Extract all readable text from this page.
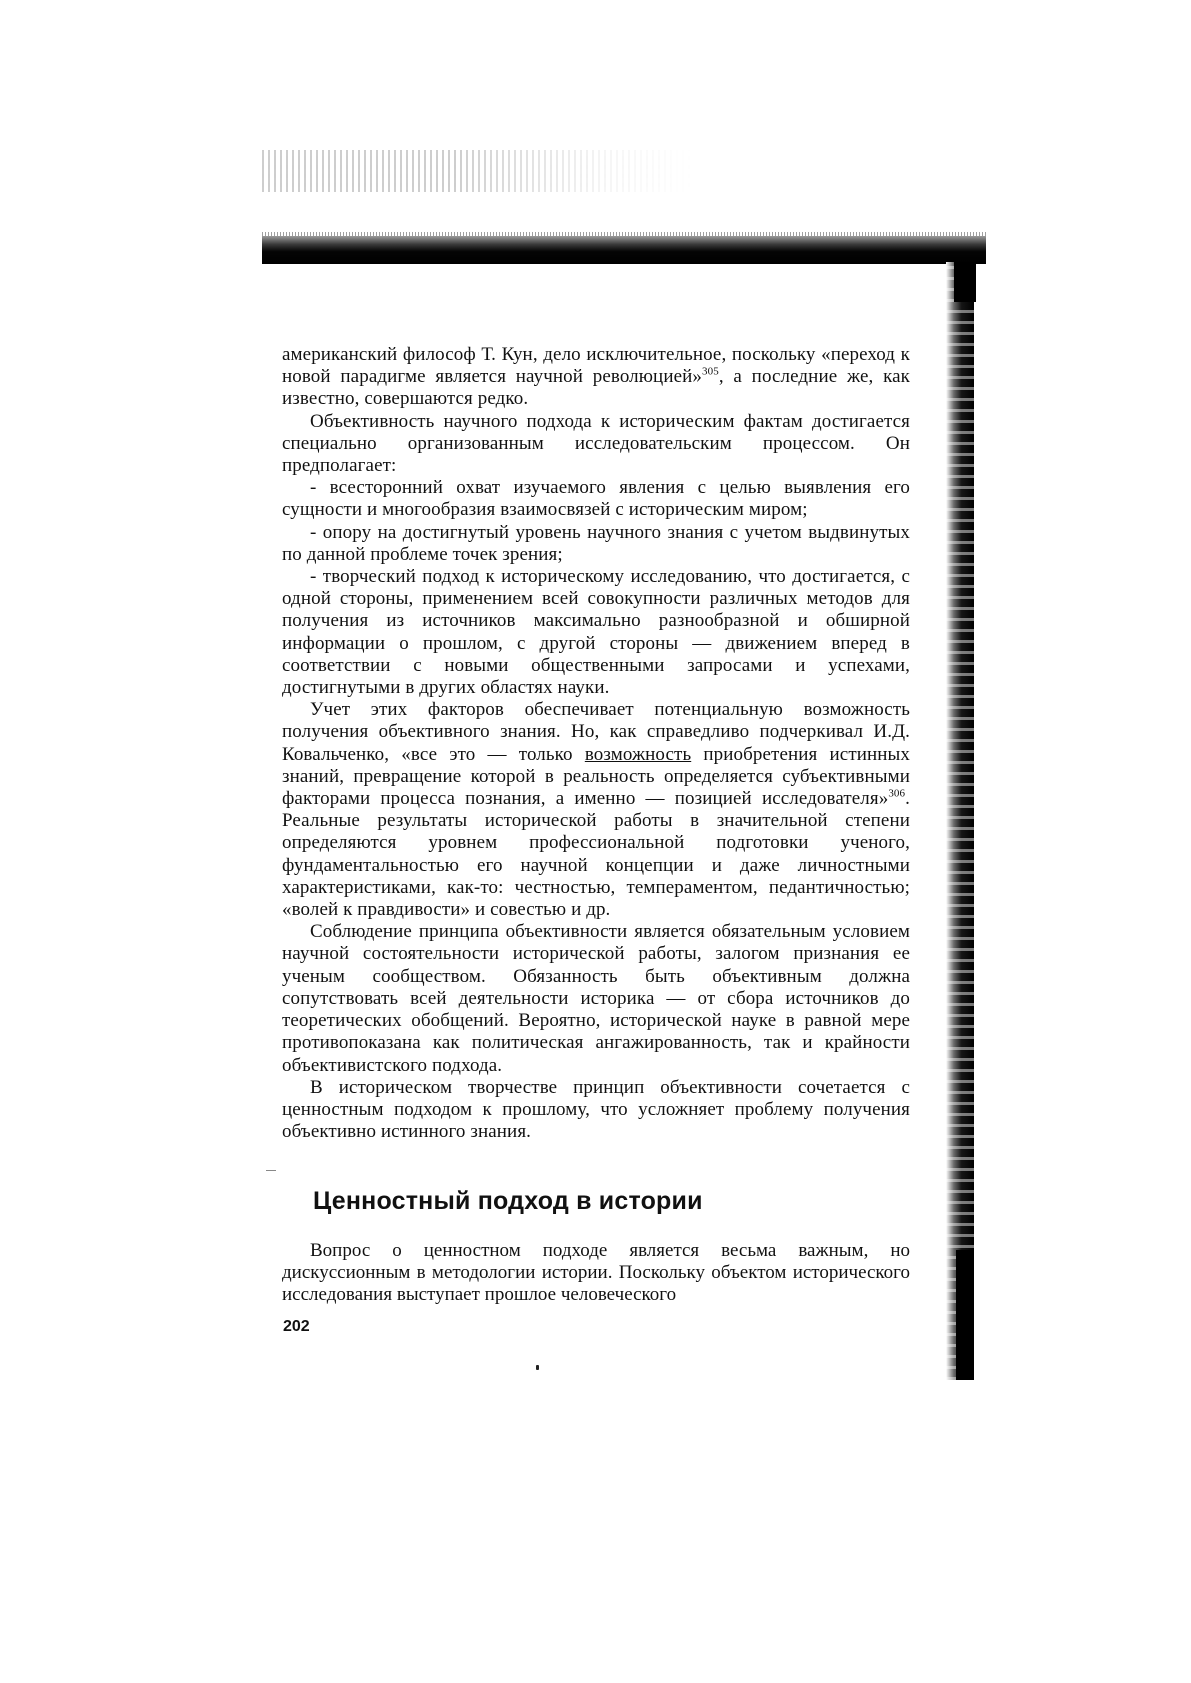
американский философ Т. Кун, дело исключительное, поскольку «переход к новой парадигме является научной революцией»$^{305}$, а последние же, как известно, совершаются редко.

Объективность научного подхода к историческим фактам достигается специально организованным исследовательским процессом. Он предполагает:

- всесторонний охват изучаемого явления с целью выявления его сущности и многообразия взаимосвязей с историческим миром;

- опору на достигнутый уровень научного знания с учетом выдвинутых по данной проблеме точек зрения;

- творческий подход к историческому исследованию, что достигается, с одной стороны, применением всей совокупности различных методов для получения из источников максимально разнообразной и обширной информации о прошлом, с другой стороны — движением вперед в соответствии с новыми общественными запросами и успехами, достигнутыми в других областях науки.

Учет этих факторов обеспечивает потенциальную возможность получения объективного знания. Но, как справедливо подчеркивал И.Д. Ковальченко, «все это — только возможность приобретения истинных знаний, превращение которой в реальность определяется субъективными факторами процесса познания, а именно — позицией исследователя»$^{306}$. Реальные результаты исторической работы в значительной степени определяются уровнем профессиональной подготовки ученого, фундаментальностью его научной концепции и даже личностными характеристиками, как-то: честностью, темпераментом, педантичностью; «волей к правдивости» и совестью и др.

Соблюдение принципа объективности является обязательным условием научной состоятельности исторической работы, залогом признания ее ученым сообществом. Обязанность быть объективным должна сопутствовать всей деятельности историка — от сбора источников до теоретических обобщений. Вероятно, исторической науке в равной мере противопоказана как политическая ангажированность, так и крайности объективистского подхода.

В историческом творчестве принцип объективности сочетается с ценностным подходом к прошлому, что усложняет проблему получения объективно истинного знания.

Ценностный подход в истории

Вопрос о ценностном подходе является весьма важным, но дискуссионным в методологии истории. Поскольку объектом исторического исследования выступает прошлое человеческого

202
